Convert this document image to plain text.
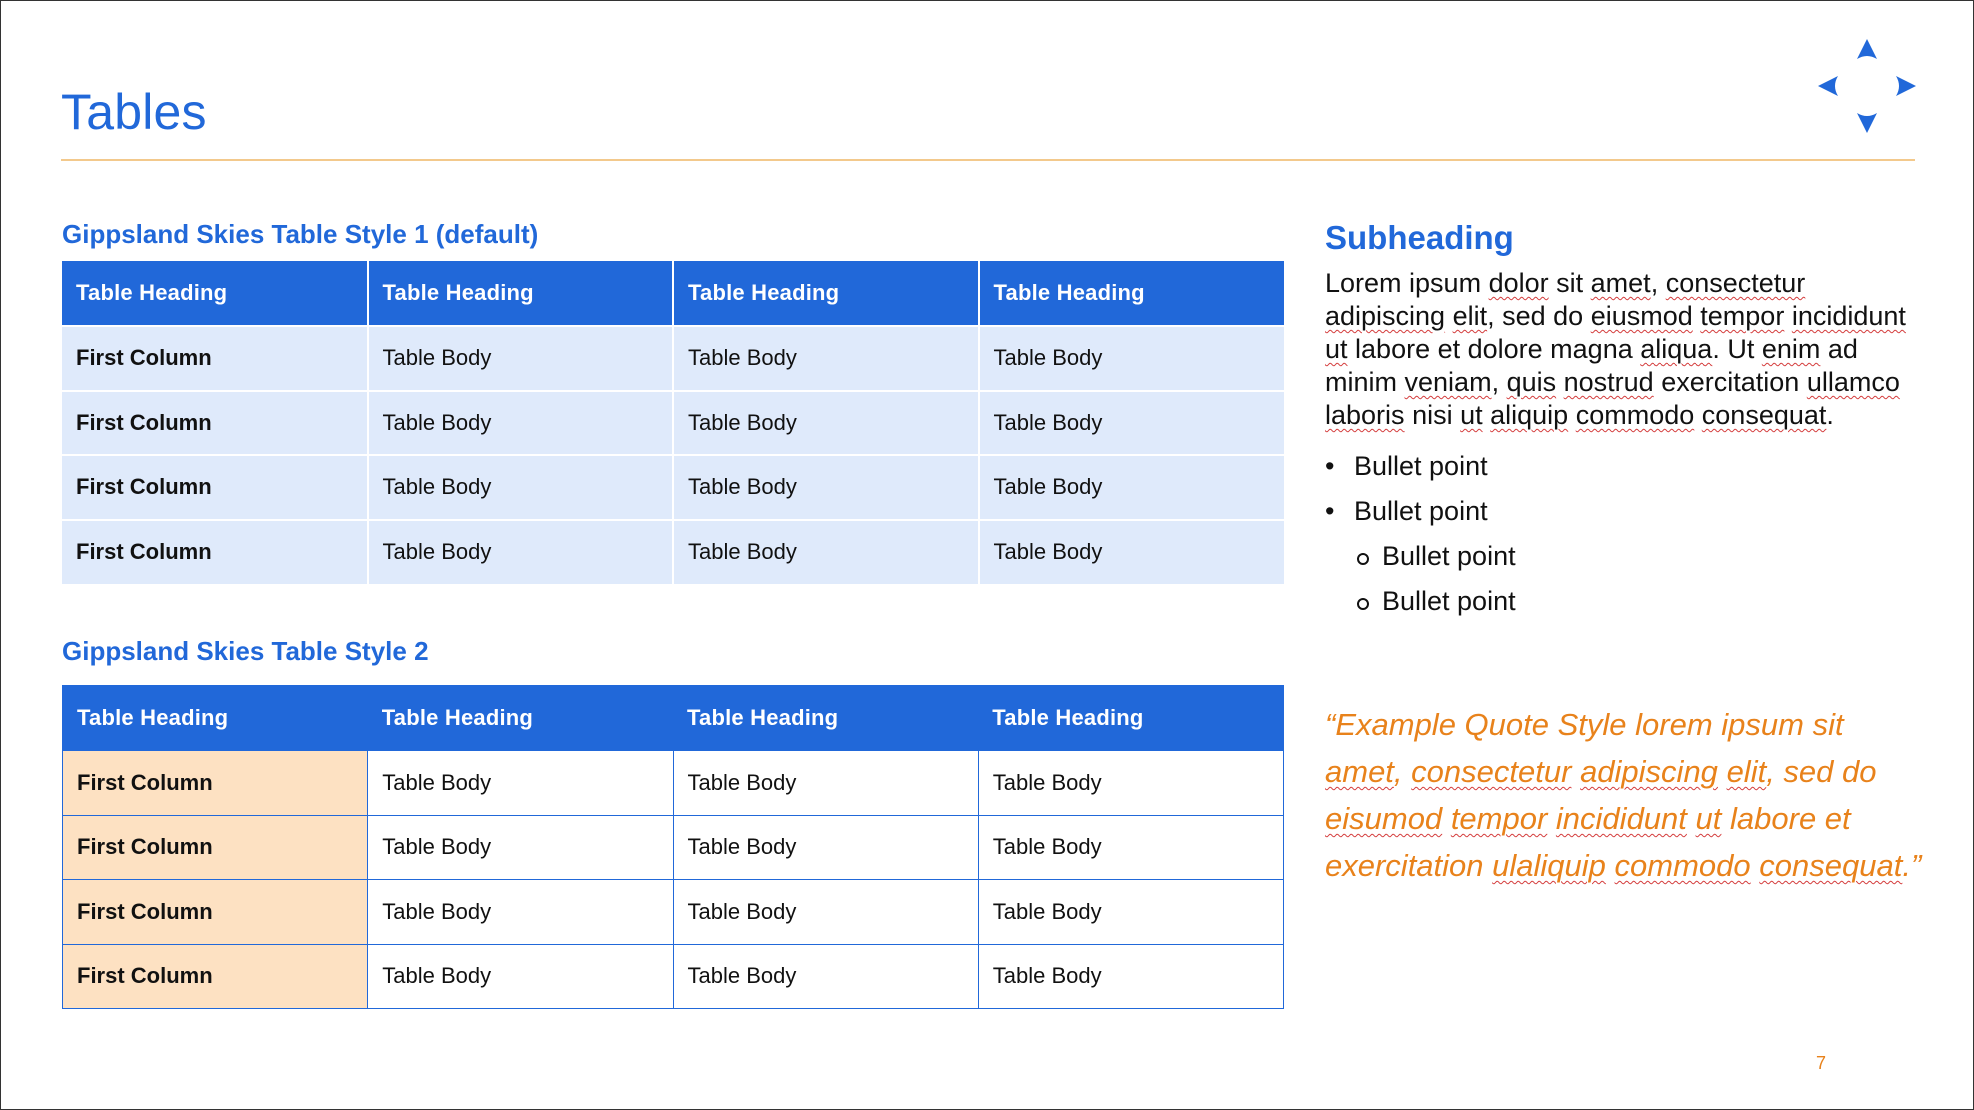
Tables
Gippsland Skies Table Style 1 (default)
Table Heading	Table Heading	Table Heading	Table Heading
First Column	Table Body	Table Body	Table Body
First Column	Table Body	Table Body	Table Body
First Column	Table Body	Table Body	Table Body
First Column	Table Body	Table Body	Table Body
Gippsland Skies Table Style 2
Table Heading	Table Heading	Table Heading	Table Heading
First Column	Table Body	Table Body	Table Body
First Column	Table Body	Table Body	Table Body
First Column	Table Body	Table Body	Table Body
First Column	Table Body	Table Body	Table Body
Subheading

Lorem ipsum dolor sit amet, consectetur adipiscing elit, sed do eiusmod tempor incididunt ut labore et dolore magna aliqua. Ut enim ad minim veniam, quis nostrud exercitation ullamco laboris nisi ut aliquip commodo consequat.

• Bullet point
• Bullet point
Bullet point
Bullet point

“Example Quote Style lorem ipsum sit amet, consectetur adipiscing elit, sed do eisumod tempor incididunt ut labore et exercitation ulaliquip commodo consequat.”

7
